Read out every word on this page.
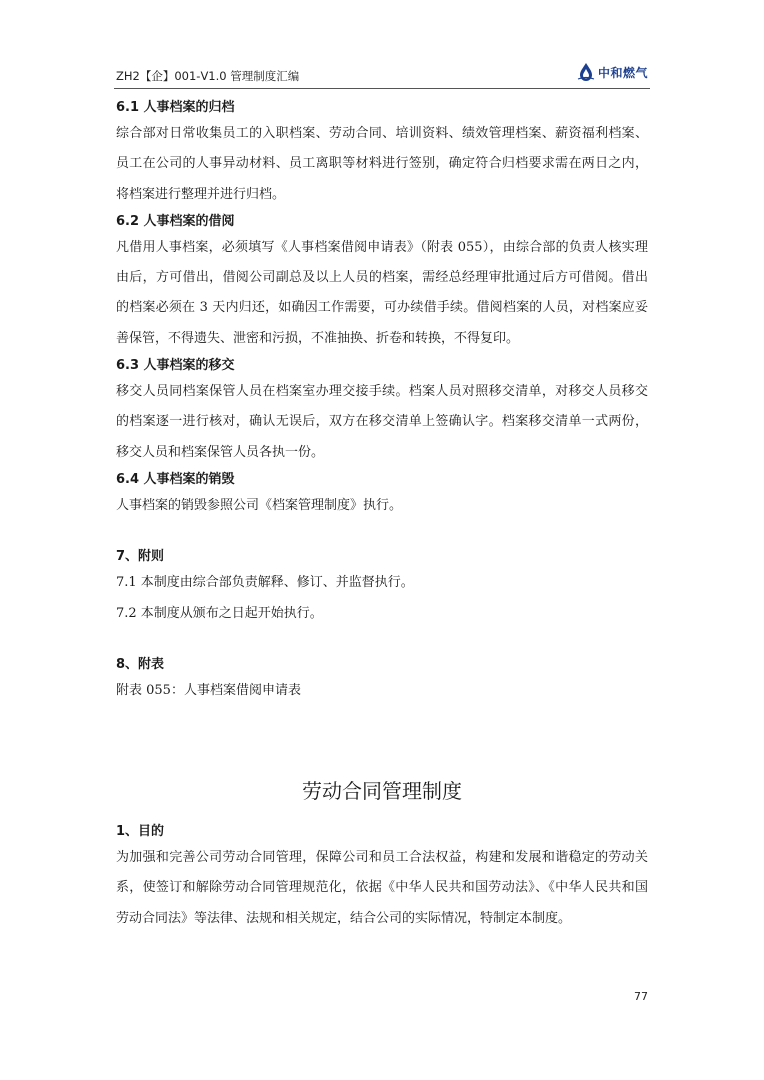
ZH2【企】001-V1.0 管理制度汇编	中和燃气

6.1 人事档案的归档

综合部对日常收集员工的入职档案、劳动合同、培训资料、绩效管理档案、薪资福利档案、员工在公司的人事异动材料、员工离职等材料进行签别，确定符合归档要求需在两日之内，将档案进行整理并进行归档。

6.2 人事档案的借阅

凡借用人事档案，必须填写《人事档案借阅申请表》（附表 055），由综合部的负责人核实理由后，方可借出，借阅公司副总及以上人员的档案，需经总经理审批通过后方可借阅。借出的档案必须在 3 天内归还，如确因工作需要，可办续借手续。借阅档案的人员，对档案应妥善保管，不得遗失、泄密和污损，不准抽换、折卷和转换，不得复印。

6.3 人事档案的移交

移交人员同档案保管人员在档案室办理交接手续。档案人员对照移交清单，对移交人员移交的档案逐一进行核对，确认无误后，双方在移交清单上签确认字。档案移交清单一式两份，移交人员和档案保管人员各执一份。

6.4 人事档案的销毁

人事档案的销毁参照公司《档案管理制度》执行。

7、附则

7.1 本制度由综合部负责解释、修订、并监督执行。

7.2 本制度从颁布之日起开始执行。

8、附表

附表 055：人事档案借阅申请表

劳动合同管理制度

1、目的

为加强和完善公司劳动合同管理，保障公司和员工合法权益，构建和发展和谐稳定的劳动关系，使签订和解除劳动合同管理规范化，依据《中华人民共和国劳动法》、《中华人民共和国劳动合同法》等法律、法规和相关规定，结合公司的实际情况，特制定本制度。

77
